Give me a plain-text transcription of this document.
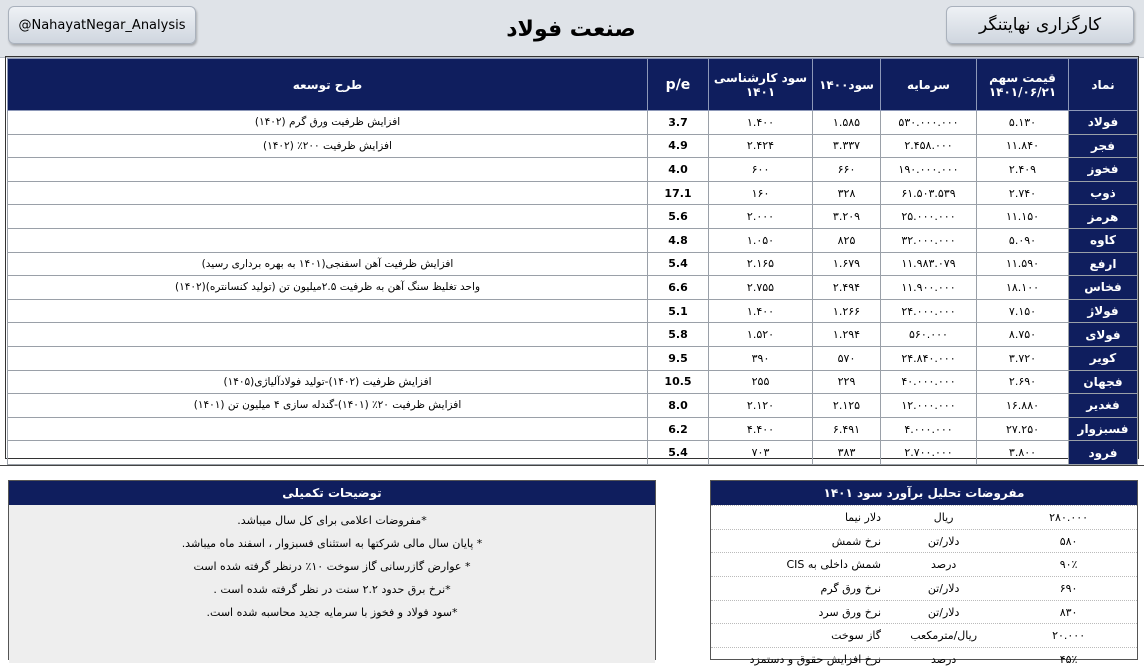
@NahayatNegar_Analysis	صنعت فولاد	کارگزاری نهایتنگر
طرح توسعه	p/e	سود کارشناسی ۱۴۰۱	سود۱۴۰۰	سرمایه	قیمت سهم ۱۴۰۱/۰۶/۲۱	نماد
افزایش ظرفیت ورق گرم (۱۴۰۲)	3.7	۱.۴۰۰	۱.۵۸۵	۵۳۰.۰۰۰.۰۰۰	۵.۱۳۰	فولاد
افزایش ظرفیت ۲۰۰٪ (۱۴۰۲)	4.9	۲.۴۲۴	۳.۳۳۷	۲.۴۵۸.۰۰۰	۱۱.۸۴۰	فجر
	4.0	۶۰۰	۶۶۰	۱۹۰.۰۰۰.۰۰۰	۲.۴۰۹	فخوز
	17.1	۱۶۰	۳۲۸	۶۱.۵۰۳.۵۳۹	۲.۷۴۰	ذوب
	5.6	۲.۰۰۰	۳.۲۰۹	۲۵.۰۰۰.۰۰۰	۱۱.۱۵۰	هرمز
	4.8	۱.۰۵۰	۸۲۵	۳۲.۰۰۰.۰۰۰	۵.۰۹۰	کاوه
افزایش ظرفیت آهن اسفنجی(۱۴۰۱ به بهره برداری رسید)	5.4	۲.۱۶۵	۱.۶۷۹	۱۱.۹۸۳.۰۷۹	۱۱.۵۹۰	ارفع
واحد تغلیظ سنگ آهن به ظرفیت ۲.۵میلیون تن (تولید کنسانتره)(۱۴۰۲)	6.6	۲.۷۵۵	۲.۴۹۴	۱۱.۹۰۰.۰۰۰	۱۸.۱۰۰	فخاس
	5.1	۱.۴۰۰	۱.۲۶۶	۲۴.۰۰۰.۰۰۰	۷.۱۵۰	فولاژ
	5.8	۱.۵۲۰	۱.۲۹۴	۵۶۰.۰۰۰	۸.۷۵۰	فولای
	9.5	۳۹۰	۵۷۰	۲۴.۸۴۰.۰۰۰	۳.۷۲۰	کویر
افزایش ظرفیت (۱۴۰۲)-تولید فولادآلیاژی(۱۴۰۵)	10.5	۲۵۵	۲۲۹	۴۰.۰۰۰.۰۰۰	۲.۶۹۰	فجهان
افزایش ظرفیت ۲۰٪ (۱۴۰۱)-گندله سازی ۴ میلیون تن (۱۴۰۱)	8.0	۲.۱۲۰	۲.۱۲۵	۱۲.۰۰۰.۰۰۰	۱۶.۸۸۰	فغدیر
	6.2	۴.۴۰۰	۶.۴۹۱	۴.۰۰۰.۰۰۰	۲۷.۲۵۰	فسبزوار
	5.4	۷۰۳	۳۸۳	۲.۷۰۰.۰۰۰	۳.۸۰۰	فرود
توضیحات تکمیلی
*مفروضات اعلامی برای کل سال میباشد.
* پایان سال مالی شرکتها به استثنای فسبزوار ، اسفند ماه میباشد.
* عوارض گازرسانی گاز سوخت ۱۰٪ درنظر گرفته شده است
*نرخ برق حدود ۲.۲ سنت در نظر گرفته شده است .
*سود فولاد و فخوز با سرمایه جدید محاسبه شده است.
مفروضات تحلیل برآورد سود ۱۴۰۱
دلار نیما	ریال	۲۸۰.۰۰۰
نرخ شمش	دلار/تن	۵۸۰
شمش داخلی به CIS	درصد	۹۰٪
نرخ ورق گرم	دلار/تن	۶۹۰
نرخ ورق سرد	دلار/تن	۸۳۰
گاز سوخت	ریال/مترمکعب	۲۰.۰۰۰
نرخ افزایش حقوق و دستمزد	درصد	۴۵٪
